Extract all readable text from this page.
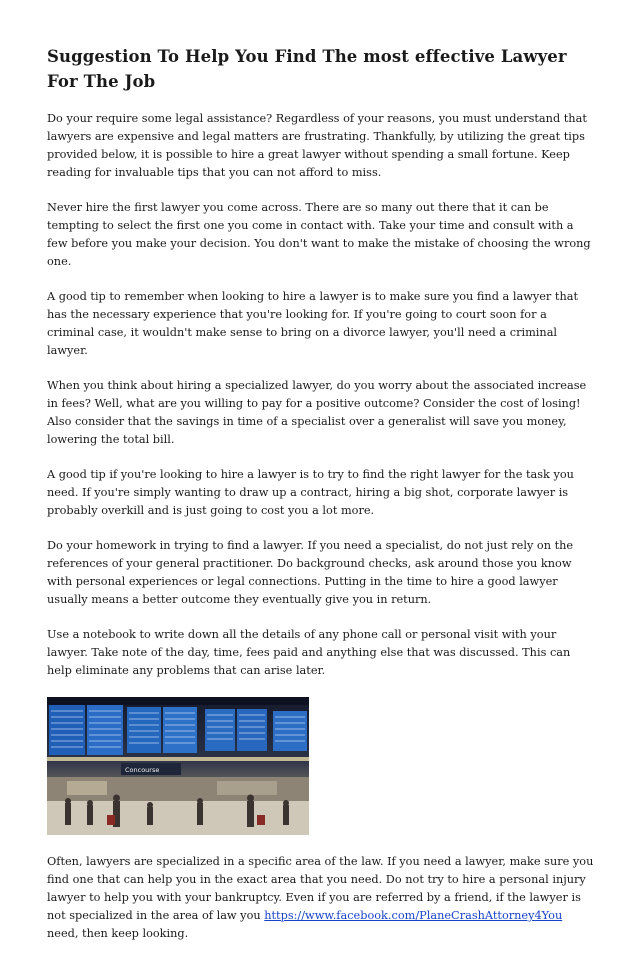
Suggestion To Help You Find The most effective Lawyer For The Job

Do your require some legal assistance? Regardless of your reasons, you must understand that lawyers are expensive and legal matters are frustrating. Thankfully, by utilizing the great tips provided below, it is possible to hire a great lawyer without spending a small fortune. Keep reading for invaluable tips that you can not afford to miss.

Never hire the first lawyer you come across. There are so many out there that it can be tempting to select the first one you come in contact with. Take your time and consult with a few before you make your decision. You don't want to make the mistake of choosing the wrong one.

A good tip to remember when looking to hire a lawyer is to make sure you find a lawyer that has the necessary experience that you're looking for. If you're going to court soon for a criminal case, it wouldn't make sense to bring on a divorce lawyer, you'll need a criminal lawyer.

When you think about hiring a specialized lawyer, do you worry about the associated increase in fees? Well, what are you willing to pay for a positive outcome? Consider the cost of losing! Also consider that the savings in time of a specialist over a generalist will save you money, lowering the total bill.

A good tip if you're looking to hire a lawyer is to try to find the right lawyer for the task you need. If you're simply wanting to draw up a contract, hiring a big shot, corporate lawyer is probably overkill and is just going to cost you a lot more.

Do your homework in trying to find a lawyer. If you need a specialist, do not just rely on the references of your general practitioner. Do background checks, ask around those you know with personal experiences or legal connections. Putting in the time to hire a good lawyer usually means a better outcome they eventually give you in return.

Use a notebook to write down all the details of any phone call or personal visit with your lawyer. Take note of the day, time, fees paid and anything else that was discussed. This can help eliminate any problems that can arise later.

Concourse

Often, lawyers are specialized in a specific area of the law. If you need a lawyer, make sure you find one that can help you in the exact area that you need. Do not try to hire a personal injury lawyer to help you with your bankruptcy. Even if you are referred by a friend, if the lawyer is not specialized in the area of law you https://www.facebook.com/PlaneCrashAttorney4You need, then keep looking.
